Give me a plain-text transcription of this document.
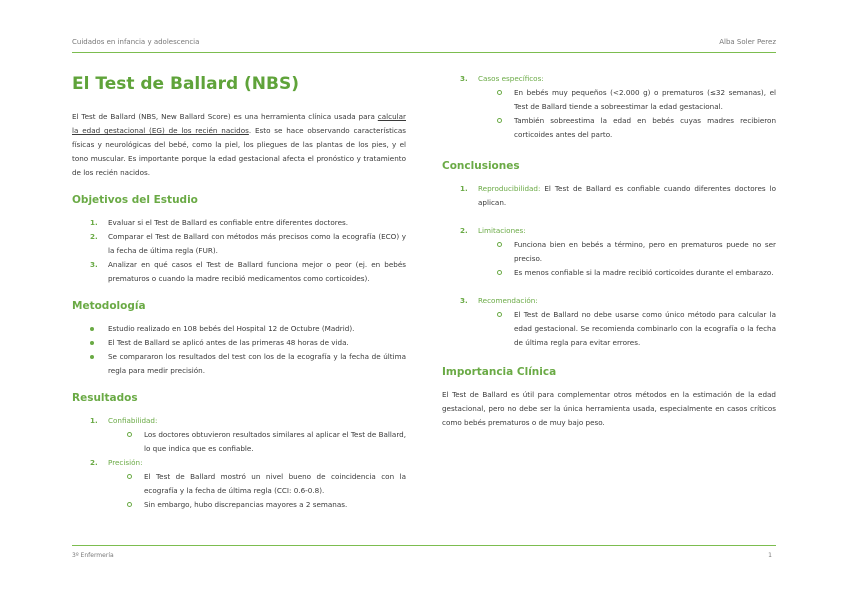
Cuidados en infancia y adolescencia	Alba Soler Perez
El Test de Ballard (NBS)

El Test de Ballard (NBS, New Ballard Score) es una herramienta clínica usada para calcular la edad gestacional (EG) de los recién nacidos. Esto se hace observando características físicas y neurológicas del bebé, como la piel, los pliegues de las plantas de los pies, y el tono muscular. Es importante porque la edad gestacional afecta el pronóstico y tratamiento de los recién nacidos.

Objetivos del Estudio
1. Evaluar si el Test de Ballard es confiable entre diferentes doctores.
2. Comparar el Test de Ballard con métodos más precisos como la ecografía (ECO) y la fecha de última regla (FUR).
3. Analizar en qué casos el Test de Ballard funciona mejor o peor (ej. en bebés prematuros o cuando la madre recibió medicamentos como corticoides).
Metodología
Estudio realizado en 108 bebés del Hospital 12 de Octubre (Madrid).
El Test de Ballard se aplicó antes de las primeras 48 horas de vida.
Se compararon los resultados del test con los de la ecografía y la fecha de última regla para medir precisión.
Resultados
1. Confiabilidad:
Los doctores obtuvieron resultados similares al aplicar el Test de Ballard, lo que indica que es confiable.
2. Precisión:
El Test de Ballard mostró un nivel bueno de coincidencia con la ecografía y la fecha de última regla (CCI: 0.6-0.8).
Sin embargo, hubo discrepancias mayores a 2 semanas.
3. Casos específicos:
En bebés muy pequeños (<2.000 g) o prematuros (≤32 semanas), el Test de Ballard tiende a sobreestimar la edad gestacional.
También sobreestima la edad en bebés cuyas madres recibieron corticoides antes del parto.
Conclusiones
1. Reproducibilidad: El Test de Ballard es confiable cuando diferentes doctores lo aplican.
2. Limitaciones:
Funciona bien en bebés a término, pero en prematuros puede no ser preciso.
Es menos confiable si la madre recibió corticoides durante el embarazo.
3. Recomendación:
El Test de Ballard no debe usarse como único método para calcular la edad gestacional. Se recomienda combinarlo con la ecografía o la fecha de última regla para evitar errores.
Importancia Clínica

El Test de Ballard es útil para complementar otros métodos en la estimación de la edad gestacional, pero no debe ser la única herramienta usada, especialmente en casos críticos como bebés prematuros o de muy bajo peso.

3º Enfermería	1
